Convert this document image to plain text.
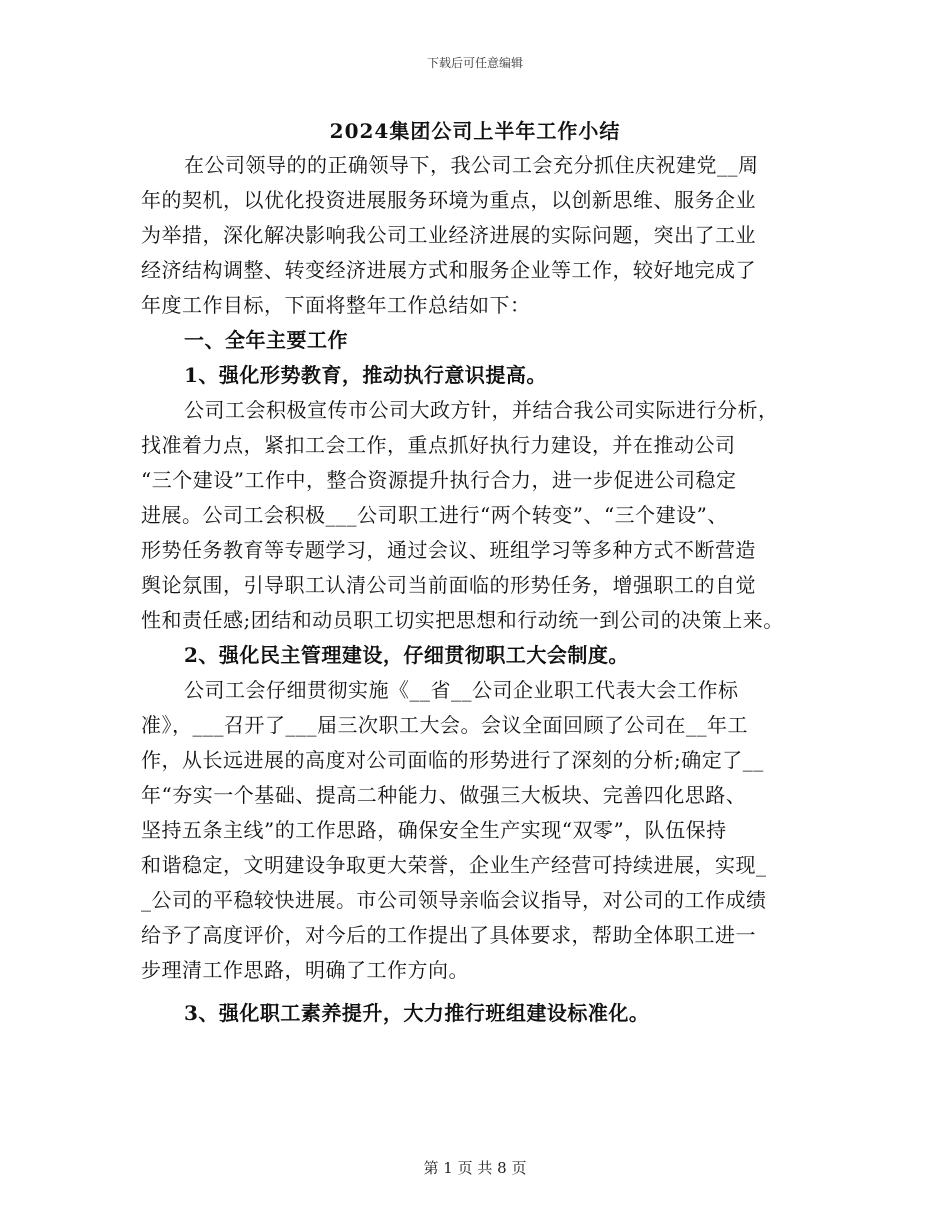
下载后可任意编辑
2024集团公司上半年工作小结
在公司领导的的正确领导下，我公司工会充分抓住庆祝建党__周
年的契机，以优化投资进展服务环境为重点，以创新思维、服务企业
为举措，深化解决影响我公司工业经济进展的实际问题，突出了工业
经济结构调整、转变经济进展方式和服务企业等工作，较好地完成了
年度工作目标，下面将整年工作总结如下：
一、全年主要工作
1、强化形势教育，推动执行意识提高。
公司工会积极宣传市公司大政方针，并结合我公司实际进行分析，
找准着力点，紧扣工会工作，重点抓好执行力建设，并在推动公司
“三个建设”工作中，整合资源提升执行合力，进一步促进公司稳定
进展。公司工会积极___公司职工进行“两个转变”、“三个建设”、
形势任务教育等专题学习，通过会议、班组学习等多种方式不断营造
舆论氛围，引导职工认清公司当前面临的形势任务，增强职工的自觉
性和责任感;团结和动员职工切实把思想和行动统一到公司的决策上来。
2、强化民主管理建设，仔细贯彻职工大会制度。
公司工会仔细贯彻实施《__省__公司企业职工代表大会工作标
准》，___召开了___届三次职工大会。会议全面回顾了公司在__年工
作，从长远进展的高度对公司面临的形势进行了深刻的分析;确定了__
年“夯实一个基础、提高二种能力、做强三大板块、完善四化思路、
坚持五条主线”的工作思路，确保安全生产实现“双零”，队伍保持
和谐稳定，文明建设争取更大荣誉，企业生产经营可持续进展，实现_
_公司的平稳较快进展。市公司领导亲临会议指导，对公司的工作成绩
给予了高度评价，对今后的工作提出了具体要求，帮助全体职工进一
步理清工作思路，明确了工作方向。
3、强化职工素养提升，大力推行班组建设标准化。
第 1 页 共 8 页
